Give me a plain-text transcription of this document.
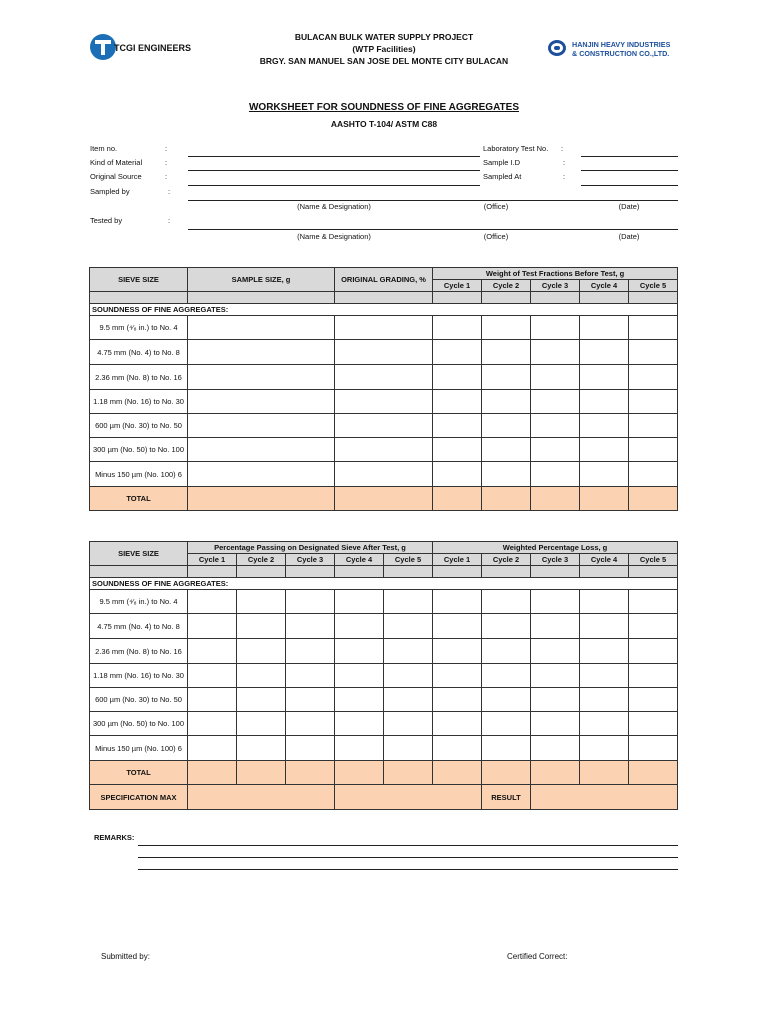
TCGI ENGINEERS
BULACAN BULK WATER SUPPLY PROJECT
(WTP Facilities)
BRGY. SAN MANUEL SAN JOSE DEL MONTE CITY BULACAN
HANJIN HEAVY INDUSTRIES
& CONSTRUCTION CO.,LTD.
WORKSHEET FOR SOUNDNESS OF FINE AGGREGATES
AASHTO T-104/ ASTM C88
Item no.	:
Kind of Material	:
Original Source	:
Sampled by	:
Tested by	:
Laboratory Test No. :
Sample I.D	:
Sampled At	:
(Name & Designation)	(Office)	(Date)
(Name & Designation)	(Office)	(Date)
SIEVE SIZE	SAMPLE SIZE, g	ORIGINAL GRADING, %	Weight of Test Fractions Before Test, g				
			Cycle 1	Cycle 2	Cycle 3	Cycle 4	Cycle 5

SOUNDNESS OF FINE AGGREGATES:							
9.5 mm (⁴⁄₈ in.) to No. 4							
4.75 mm (No. 4) to No. 8							
2.36 mm (No. 8) to No. 16							
1.18 mm (No. 16) to No. 30							
600 µm (No. 30) to No. 50							
300 µm (No. 50) to No. 100							
Minus 150 µm (No. 100) 6							
TOTAL							
SIEVE SIZE	Percentage Passing on Designated Sieve After Test, g					Weighted Percentage Loss, g				
	Cycle 1	Cycle 2	Cycle 3	Cycle 4	Cycle 5	Cycle 1	Cycle 2	Cycle 3	Cycle 4	Cycle 5

SOUNDNESS OF FINE AGGREGATES:										
9.5 mm (⁴⁄₈ in.) to No. 4										
4.75 mm (No. 4) to No. 8										
2.36 mm (No. 8) to No. 16										
1.18 mm (No. 16) to No. 30										
600 µm (No. 30) to No. 50										
300 µm (No. 50) to No. 100										
Minus 150 µm (No. 100) 6										
TOTAL										
SPECIFICATION MAX							RESULT			
REMARKS:
Submitted by:	Certified Correct:
